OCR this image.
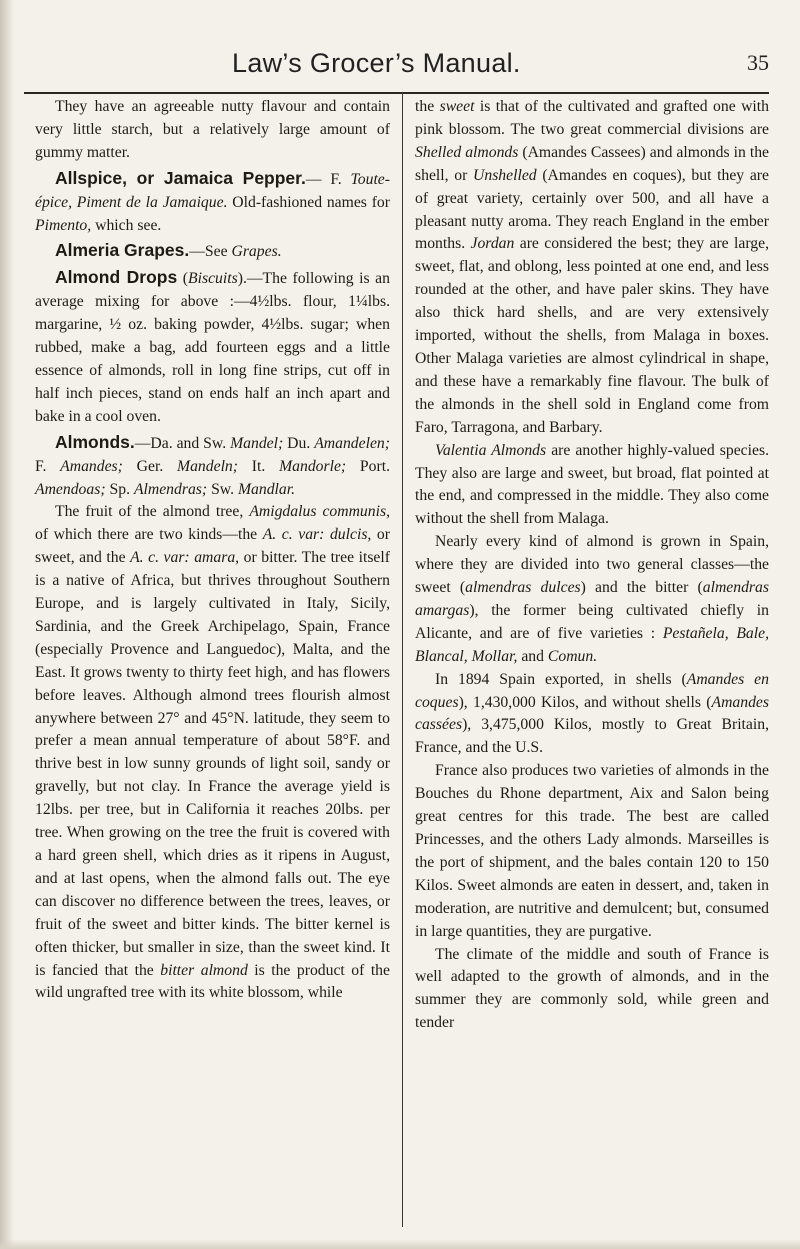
Law’s Grocer’s Manual.	35

They have an agreeable nutty flavour and contain very little starch, but a relatively large amount of gummy matter.

Allspice, or Jamaica Pepper.— F. Toute-épice, Piment de la Jamaique. Old-fashioned names for Pimento, which see.

Almeria Grapes.—See Grapes.

Almond Drops (Biscuits).—The following is an average mixing for above :—4½lbs. flour, 1¼lbs. margarine, ½ oz. baking powder, 4½lbs. sugar; when rubbed, make a bag, add fourteen eggs and a little essence of almonds, roll in long fine strips, cut off in half inch pieces, stand on ends half an inch apart and bake in a cool oven.

Almonds.—Da. and Sw. Mandel; Du. Amandelen; F. Amandes; Ger. Mandeln; It. Mandorle; Port. Amendoas; Sp. Almendras; Sw. Mandlar.

The fruit of the almond tree, Amigdalus communis, of which there are two kinds—the A. c. var: dulcis, or sweet, and the A. c. var: amara, or bitter. The tree itself is a native of Africa, but thrives throughout Southern Europe, and is largely cultivated in Italy, Sicily, Sardinia, and the Greek Archipelago, Spain, France (especially Provence and Languedoc), Malta, and the East. It grows twenty to thirty feet high, and has flowers before leaves. Although almond trees flourish almost anywhere between 27° and 45°N. latitude, they seem to prefer a mean annual temperature of about 58°F. and thrive best in low sunny grounds of light soil, sandy or gravelly, but not clay. In France the average yield is 12lbs. per tree, but in California it reaches 20lbs. per tree. When growing on the tree the fruit is covered with a hard green shell, which dries as it ripens in August, and at last opens, when the almond falls out. The eye can discover no difference between the trees, leaves, or fruit of the sweet and bitter kinds. The bitter kernel is often thicker, but smaller in size, than the sweet kind. It is fancied that the bitter almond is the product of the wild ungrafted tree with its white blossom, while

the sweet is that of the cultivated and grafted one with pink blossom. The two great commercial divisions are Shelled almonds (Amandes Cassees) and almonds in the shell, or Unshelled (Amandes en coques), but they are of great variety, certainly over 500, and all have a pleasant nutty aroma. They reach England in the ember months. Jordan are considered the best; they are large, sweet, flat, and oblong, less pointed at one end, and less rounded at the other, and have paler skins. They have also thick hard shells, and are very extensively imported, without the shells, from Malaga in boxes. Other Malaga varieties are almost cylindrical in shape, and these have a remarkably fine flavour. The bulk of the almonds in the shell sold in England come from Faro, Tarragona, and Barbary.

Valentia Almonds are another highly-valued species. They also are large and sweet, but broad, flat pointed at the end, and compressed in the middle. They also come without the shell from Malaga.

Nearly every kind of almond is grown in Spain, where they are divided into two general classes—the sweet (almendras dulces) and the bitter (almendras amargas), the former being cultivated chiefly in Alicante, and are of five varieties : Pestañela, Bale, Blancal, Mollar, and Comun.

In 1894 Spain exported, in shells (Amandes en coques), 1,430,000 Kilos, and without shells (Amandes cassées), 3,475,000 Kilos, mostly to Great Britain, France, and the U.S.

France also produces two varieties of almonds in the Bouches du Rhone department, Aix and Salon being great centres for this trade. The best are called Princesses, and the others Lady almonds. Marseilles is the port of shipment, and the bales contain 120 to 150 Kilos. Sweet almonds are eaten in dessert, and, taken in moderation, are nutritive and demulcent; but, consumed in large quantities, they are purgative.

The climate of the middle and south of France is well adapted to the growth of almonds, and in the summer they are commonly sold, while green and tender
